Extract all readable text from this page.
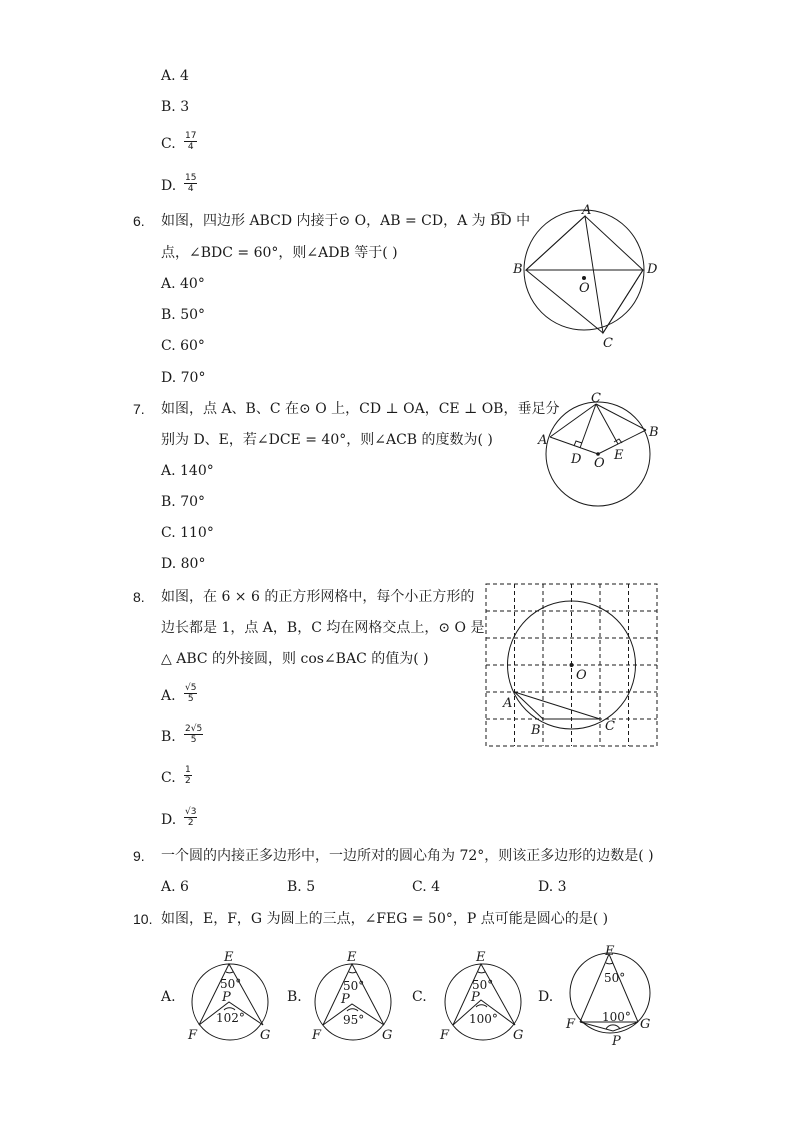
A. 4
B. 3
C. $\frac{17}{4}$
D. $\frac{15}{4}$
6. 如图，四边形 ABCD 内接于⊙ O，AB = CD，A 为 B͡D 中
点，∠BDC = 60°，则∠ADB 等于( )
A. 40°
B. 50°
C. 60°
D. 70°
A
B
C
D
O
7. 如图，点 A、B、C 在⊙ O 上，CD ⊥ OA，CE ⊥ OB，垂足分
别为 D、E，若∠DCE = 40°，则∠ACB 的度数为( )
A. 140°
B. 70°
C. 110°
D. 80°
A
B
C
D	E
O
8. 如图，在 6 × 6 的正方形网格中，每个小正方形的
边长都是 1，点 A，B，C 均在网格交点上，⊙ O 是
△ ABC 的外接圆，则 cos∠BAC 的值为( )
A. $\frac{√5}{5}$
B. $\frac{2√5}{5}$
C. $\frac{1}{2}$
D. $\frac{√3}{2}$
A
B	C
O
9. 一个圆的内接正多边形中，一边所对的圆心角为 72°，则该正多边形的边数是( )
A. 6	B. 5	C. 4	D. 3
10. 如图，E，F，G 为圆上的三点，∠FEG = 50°，P 点可能是圆心的是( )
A.	B.	C.	D.
E
F	G
P
50°
102°
E
F	G
P
50°
95°
E
F	G
P
50°
100°
E
F	G
P
50°
100°
